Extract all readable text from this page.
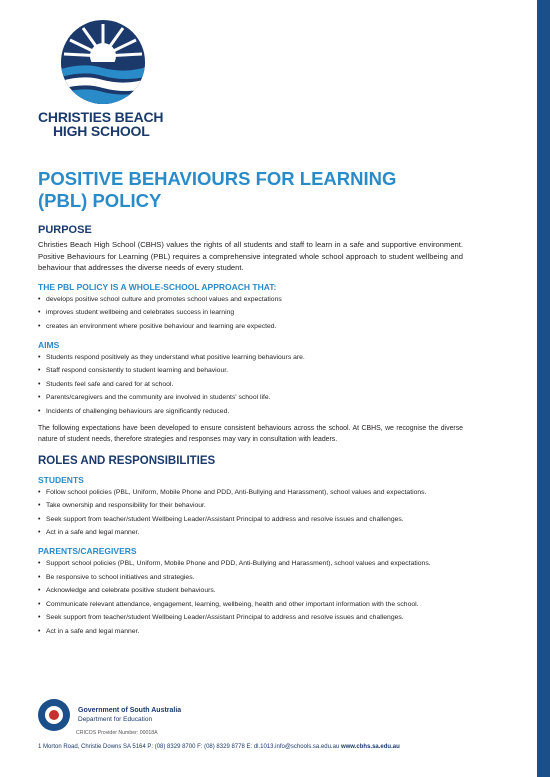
CHRISTIES BEACH
HIGH SCHOOL
POSITIVE BEHAVIOURS FOR LEARNING
(PBL) POLICY
PURPOSE

Christies Beach High School (CBHS) values the rights of all students and staff to learn in a safe and supportive environment. Positive Behaviours for Learning (PBL) requires a comprehensive integrated whole school approach to student wellbeing and behaviour that addresses the diverse needs of every student.

THE PBL POLICY IS A WHOLE-SCHOOL APPROACH THAT:
• develops positive school culture and promotes school values and expectations
• improves student wellbeing and celebrates success in learning
• creates an environment where positive behaviour and learning are expected.
AIMS
• Students respond positively as they understand what positive learning behaviours are.
• Staff respond consistently to student learning and behaviour.
• Students feel safe and cared for at school.
• Parents/caregivers and the community are involved in students' school life.
• Incidents of challenging behaviours are significantly reduced.

The following expectations have been developed to ensure consistent behaviours across the school. At CBHS, we recognise the diverse nature of student needs, therefore strategies and responses may vary in consultation with leaders.

ROLES AND RESPONSIBILITIES
STUDENTS
• Follow school policies (PBL, Uniform, Mobile Phone and PDD, Anti-Bullying and Harassment), school values and expectations.
• Take ownership and responsibility for their behaviour.
• Seek support from teacher/student Wellbeing Leader/Assistant Principal to address and resolve issues and challenges.
• Act in a safe and legal manner.
PARENTS/CAREGIVERS
• Support school policies (PBL, Uniform, Mobile Phone and PDD, Anti-Bullying and Harassment), school values and expectations.
• Be responsive to school initiatives and strategies.
• Acknowledge and celebrate positive student behaviours.
• Communicate relevant attendance, engagement, learning, wellbeing, health and other important information with the school.
• Seek support from teacher/student Wellbeing Leader/Assistant Principal to address and resolve issues and challenges.
• Act in a safe and legal manner.
Government of South Australia
Department for Education
CRICOS Provider Number: 00018A
1 Morton Road, Christie Downs SA 5164 P: (08) 8329 8700 F: (08) 8329 8778 E: dl.1013.info@schools.sa.edu.au www.cbhs.sa.edu.au
